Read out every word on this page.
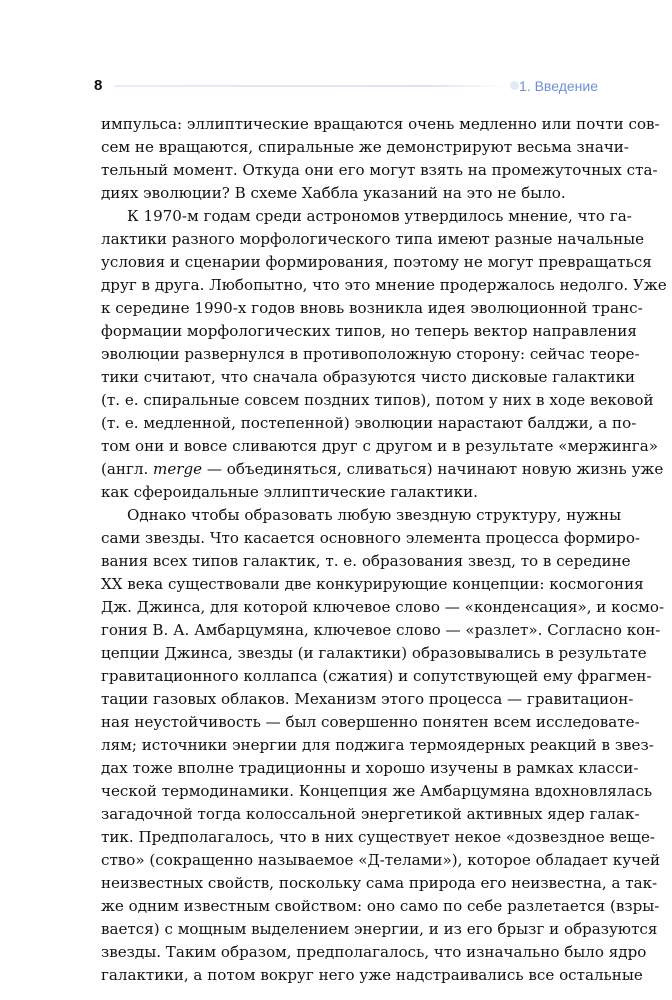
8	1. Введение

импульса: эллиптические вращаются очень медленно или почти сов-
сем не вращаются, спиральные же демонстрируют весьма значи-
тельный момент. Откуда они его могут взять на промежуточных ста-
диях эволюции? В схеме Хаббла указаний на это не было.

К 1970-м годам среди астрономов утвердилось мнение, что га-
лактики разного морфологического типа имеют разные начальные
условия и сценарии формирования, поэтому не могут превращаться
друг в друга. Любопытно, что это мнение продержалось недолго. Уже
к середине 1990-х годов вновь возникла идея эволюционной транс-
формации морфологических типов, но теперь вектор направления
эволюции развернулся в противоположную сторону: сейчас теоре-
тики считают, что сначала образуются чисто дисковые галактики
(т. е. спиральные совсем поздних типов), потом у них в ходе вековой
(т. е. медленной, постепенной) эволюции нарастают балджи, а по-
том они и вовсе сливаются друг с другом и в результате «мержинга»
(англ. merge — объединяться, сливаться) начинают новую жизнь уже
как сфероидальные эллиптические галактики.

Однако чтобы образовать любую звездную структуру, нужны
сами звезды. Что касается основного элемента процесса формиро-
вания всех типов галактик, т. е. образования звезд, то в середине
XX века существовали две конкурирующие концепции: космогония
Дж. Джинса, для которой ключевое слово — «конденсация», и космо-
гония В. А. Амбарцумяна, ключевое слово — «разлет». Согласно кон-
цепции Джинса, звезды (и галактики) образовывались в результате
гравитационного коллапса (сжатия) и сопутствующей ему фрагмен-
тации газовых облаков. Механизм этого процесса — гравитацион-
ная неустойчивость — был совершенно понятен всем исследовате-
лям; источники энергии для поджига термоядерных реакций в звез-
дах тоже вполне традиционны и хорошо изучены в рамках класси-
ческой термодинамики. Концепция же Амбарцумяна вдохновлялась
загадочной тогда колоссальной энергетикой активных ядер галак-
тик. Предполагалось, что в них существует некое «дозвездное веще-
ство» (сокращенно называемое «Д-телами»), которое обладает кучей
неизвестных свойств, поскольку сама природа его неизвестна, а так-
же одним известным свойством: оно само по себе разлетается (взры-
вается) с мощным выделением энергии, и из его брызг и образуются
звезды. Таким образом, предполагалось, что изначально было ядро
галактики, а потом вокруг него уже надстраивались все остальные
